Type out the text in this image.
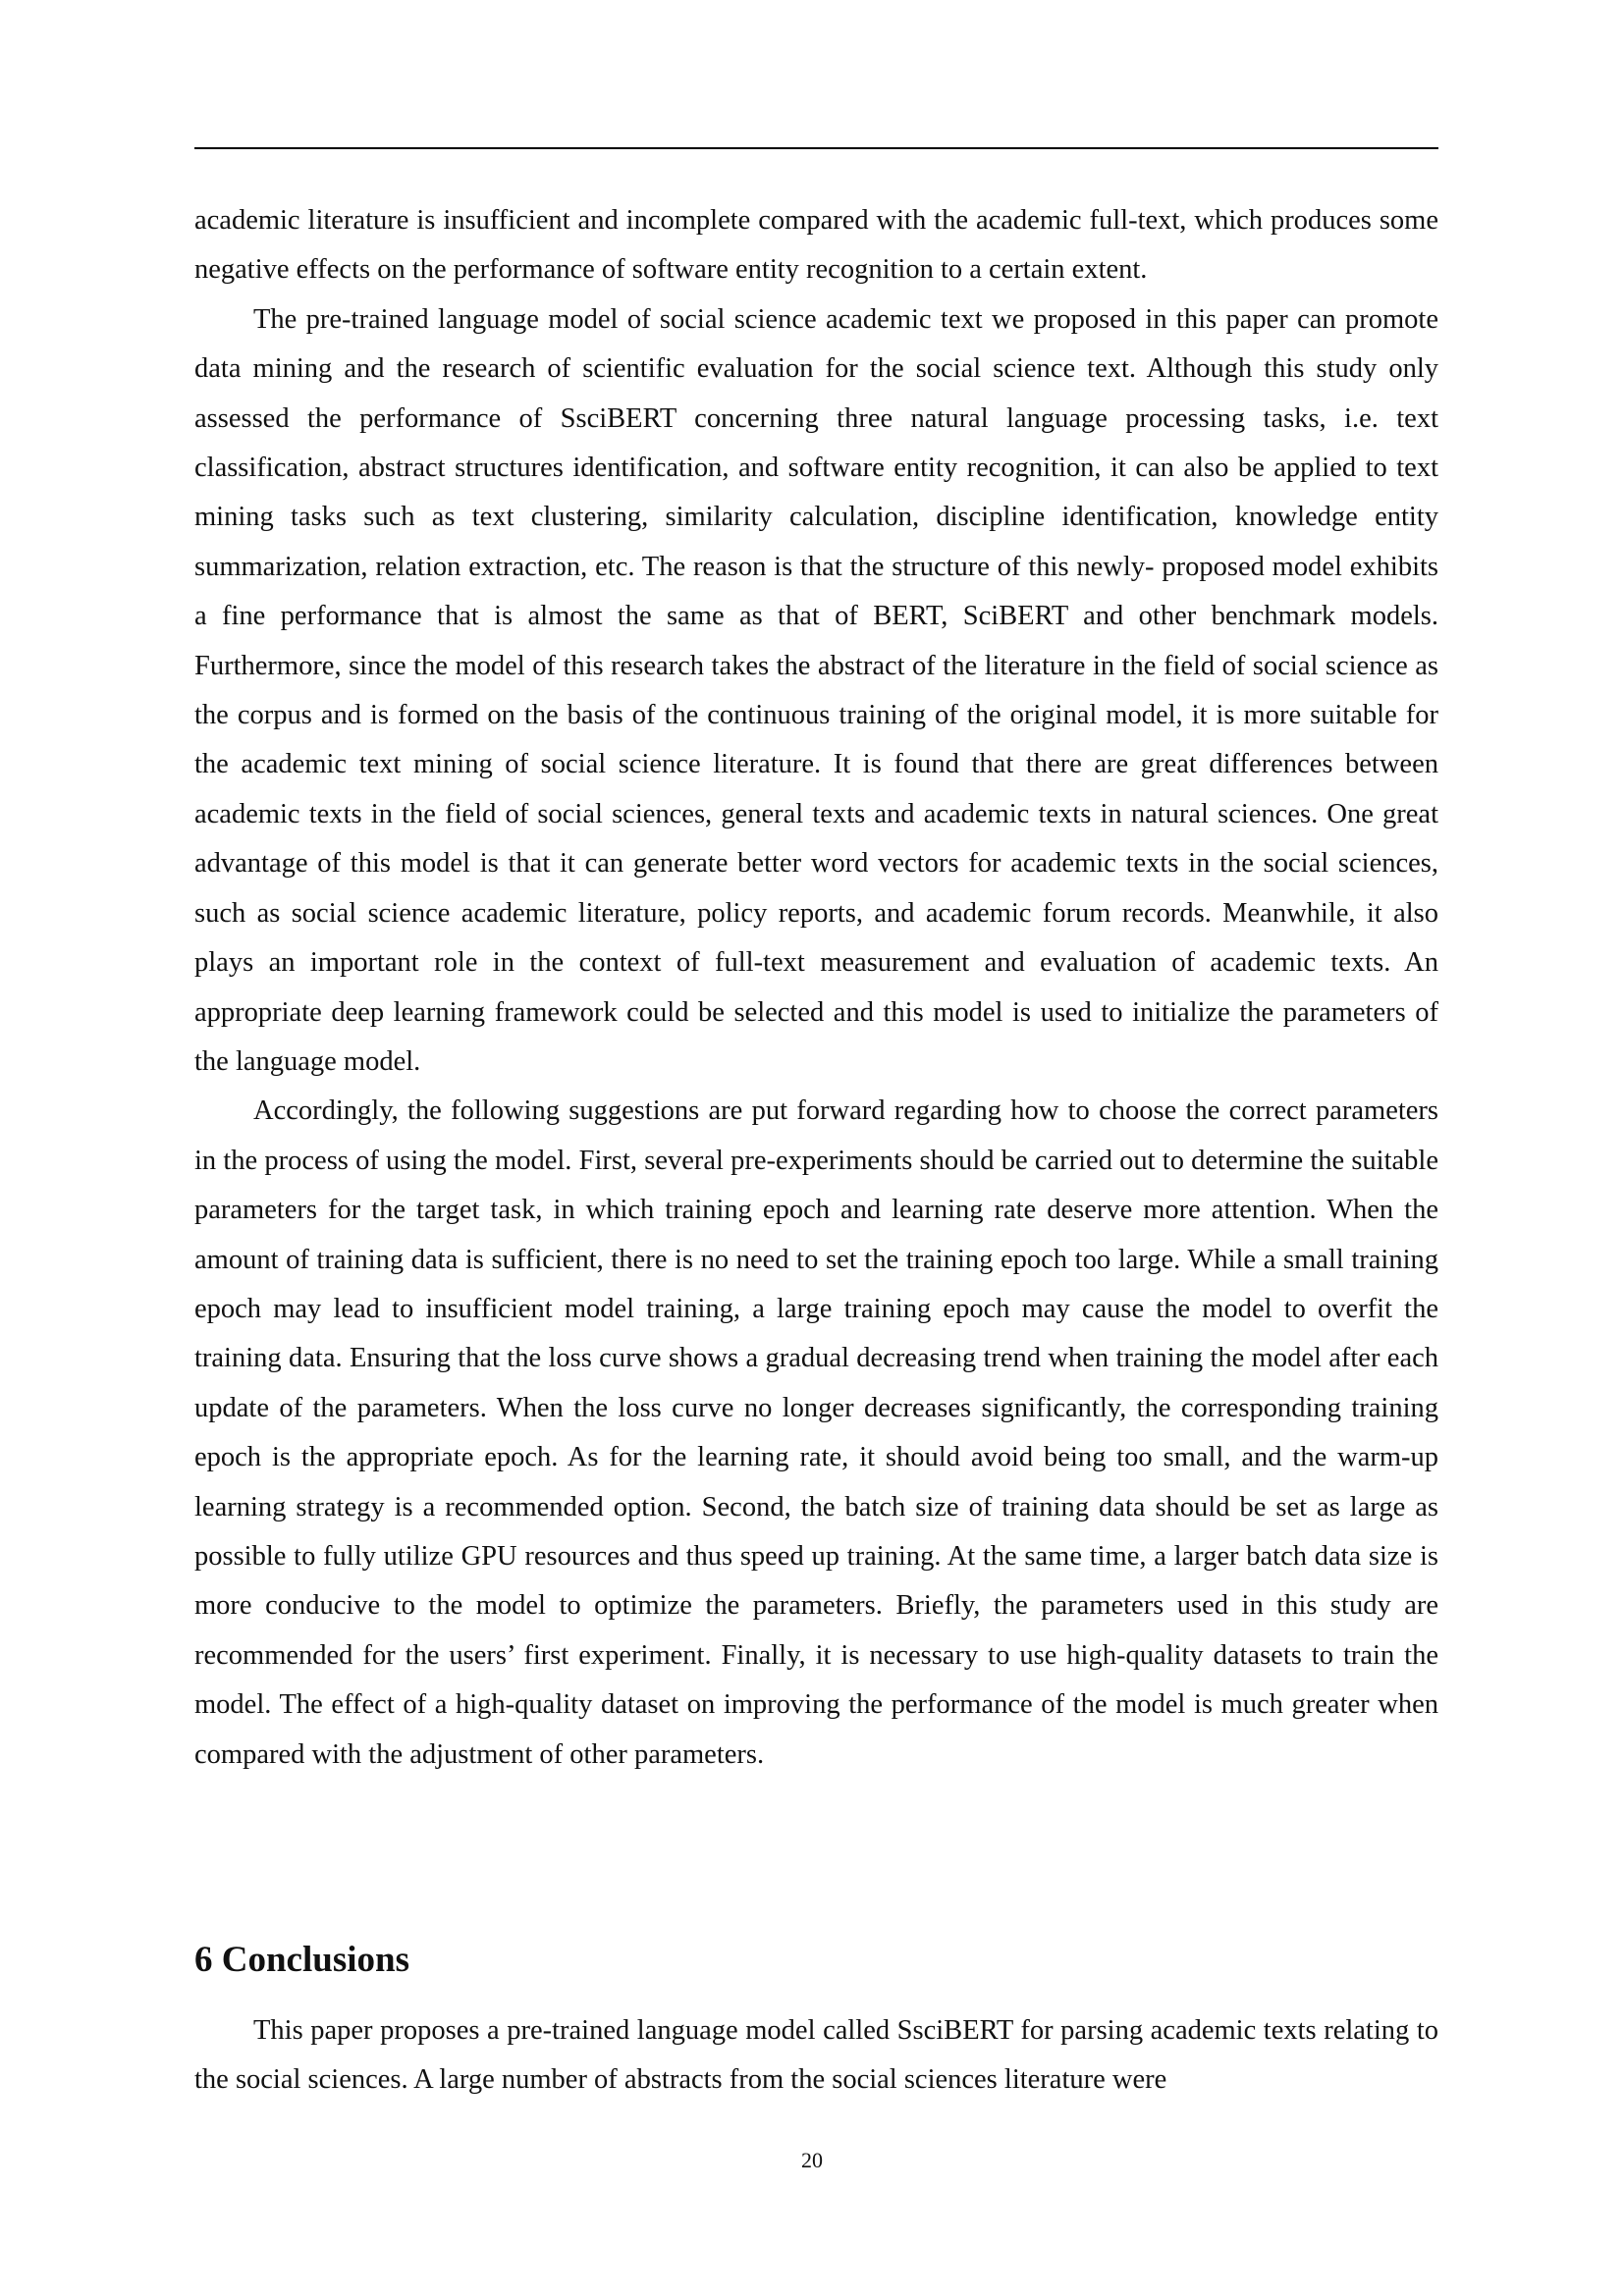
academic literature is insufficient and incomplete compared with the academic full-text, which produces some negative effects on the performance of software entity recognition to a certain extent.

The pre-trained language model of social science academic text we proposed in this paper can promote data mining and the research of scientific evaluation for the social science text. Although this study only assessed the performance of SsciBERT concerning three natural language processing tasks, i.e. text classification, abstract structures identification, and software entity recognition, it can also be applied to text mining tasks such as text clustering, similarity calculation, discipline identification, knowledge entity summarization, relation extraction, etc. The reason is that the structure of this newly- proposed model exhibits a fine performance that is almost the same as that of BERT, SciBERT and other benchmark models. Furthermore, since the model of this research takes the abstract of the literature in the field of social science as the corpus and is formed on the basis of the continuous training of the original model, it is more suitable for the academic text mining of social science literature. It is found that there are great differences between academic texts in the field of social sciences, general texts and academic texts in natural sciences. One great advantage of this model is that it can generate better word vectors for academic texts in the social sciences, such as social science academic literature, policy reports, and academic forum records. Meanwhile, it also plays an important role in the context of full-text measurement and evaluation of academic texts. An appropriate deep learning framework could be selected and this model is used to initialize the parameters of the language model.

Accordingly, the following suggestions are put forward regarding how to choose the correct parameters in the process of using the model. First, several pre-experiments should be carried out to determine the suitable parameters for the target task, in which training epoch and learning rate deserve more attention. When the amount of training data is sufficient, there is no need to set the training epoch too large. While a small training epoch may lead to insufficient model training, a large training epoch may cause the model to overfit the training data. Ensuring that the loss curve shows a gradual decreasing trend when training the model after each update of the parameters. When the loss curve no longer decreases significantly, the corresponding training epoch is the appropriate epoch. As for the learning rate, it should avoid being too small, and the warm-up learning strategy is a recommended option. Second, the batch size of training data should be set as large as possible to fully utilize GPU resources and thus speed up training. At the same time, a larger batch data size is more conducive to the model to optimize the parameters. Briefly, the parameters used in this study are recommended for the users’ first experiment. Finally, it is necessary to use high-quality datasets to train the model. The effect of a high-quality dataset on improving the performance of the model is much greater when compared with the adjustment of other parameters.

6 Conclusions

This paper proposes a pre-trained language model called SsciBERT for parsing academic texts relating to the social sciences. A large number of abstracts from the social sciences literature were

20
